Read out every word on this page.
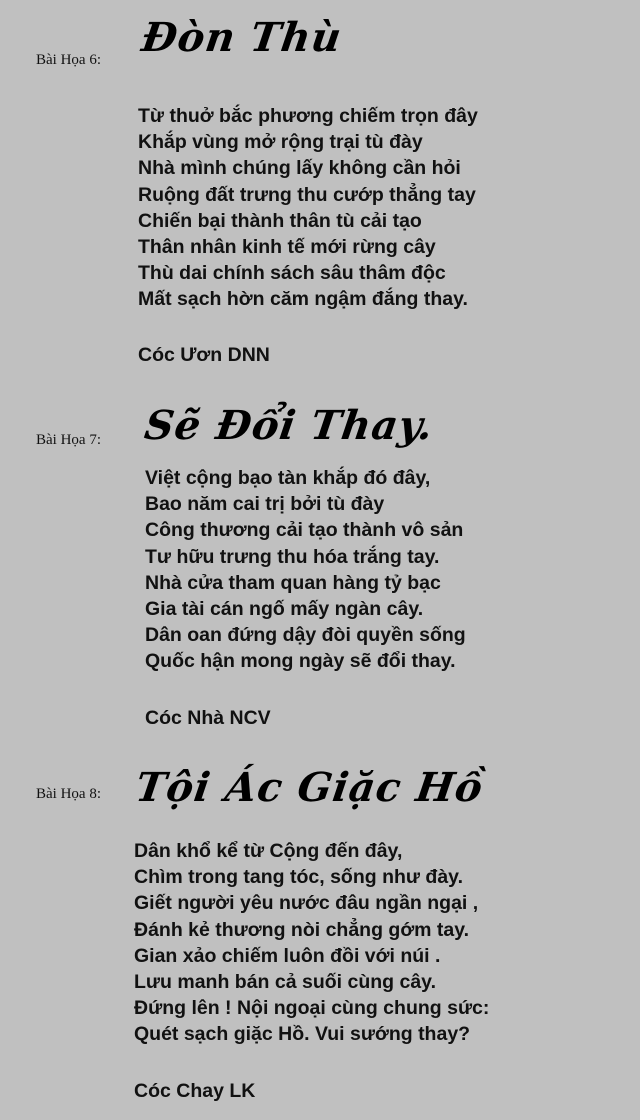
Bài Họa 6: Đòn Thù
Từ thuở bắc phương chiếm trọn đây
Khắp vùng mở rộng trại tù đày
Nhà mình chúng lấy không cần hỏi
Ruộng đất trưng thu cướp thẳng tay
Chiến bại thành thân tù cải tạo
Thân nhân kinh tế mới rừng cây
Thù dai chính sách sâu thâm độc
Mất sạch hờn căm ngậm đắng thay.
Cóc Ươn DNN
Bài Họa 7: Sẽ Đổi Thay.
Việt cộng bạo tàn khắp đó đây,
Bao năm cai trị bởi tù đày
Công thương cải tạo thành vô sản
Tư hữu trưng thu hóa trắng tay.
Nhà cửa tham quan hàng tỷ bạc
Gia tài cán ngố mấy ngàn cây.
Dân oan đứng dậy đòi quyền sống
Quốc hận mong ngày sẽ đổi thay.
Cóc Nhà NCV
Bài Họa 8: Tội Ác Giặc Hồ
Dân khổ kể từ Cộng đến đây,
Chìm trong tang tóc, sống như đày.
Giết người yêu nước đâu ngần ngại ,
Đánh kẻ thương nòi chẳng gớm tay.
Gian xảo chiếm luôn đồi với núi .
Lưu manh bán cả suối cùng cây.
Đứng lên ! Nội ngoại cùng chung sức:
Quét sạch giặc Hồ. Vui sướng thay?
Cóc Chay LK
